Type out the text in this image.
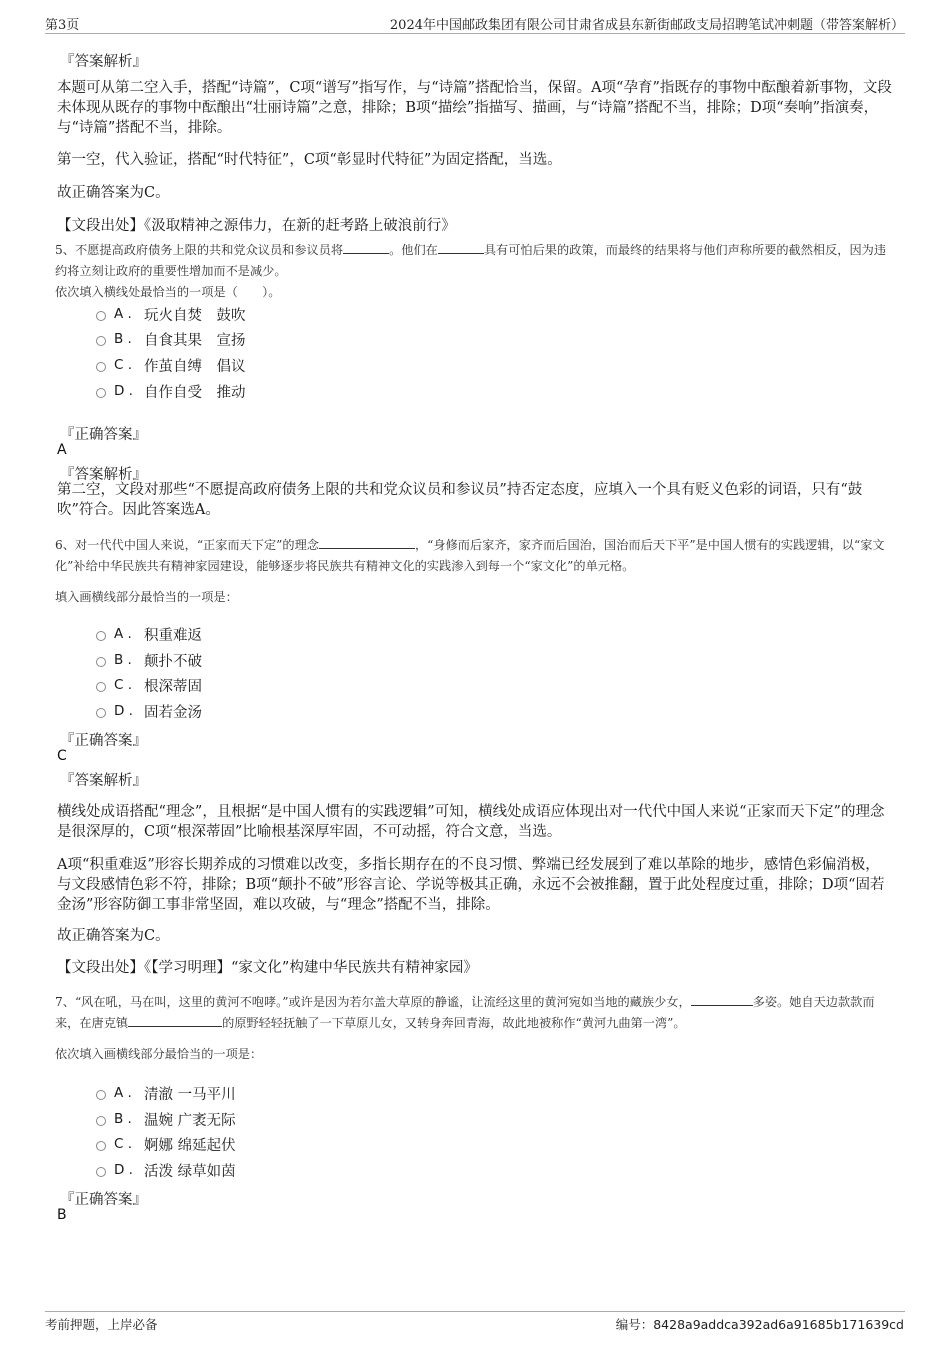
第3页	2024年中国邮政集团有限公司甘肃省成县东新街邮政支局招聘笔试冲刺题（带答案解析）
『答案解析』
本题可从第二空入手，搭配“诗篇”，C项“谱写”指写作，与“诗篇”搭配恰当，保留。A项“孕育”指既存的事物中酝酿着新事物，文段未体现从既存的事物中酝酿出“壮丽诗篇”之意，排除；B项“描绘”指描写、描画，与“诗篇”搭配不当，排除；D项“奏响”指演奏，与“诗篇”搭配不当，排除。
第一空，代入验证，搭配“时代特征”，C项“彰显时代特征”为固定搭配，当选。
故正确答案为C。
【文段出处】《汲取精神之源伟力，在新的赶考路上破浪前行》
5、不愿提高政府债务上限的共和党众议员和参议员将	。他们在	具有可怕后果的政策，而最终的结果将与他们声称所要的截然相反，因为违约将立刻让政府的重要性增加而不是减少。
依次填入横线处最恰当的一项是（　　）。
A . 玩火自焚　鼓吹
B . 自食其果　宣扬
C . 作茧自缚　倡议
D . 自作自受　推动
『正确答案』
A
『答案解析』
第二空，文段对那些“不愿提高政府债务上限的共和党众议员和参议员”持否定态度，应填入一个具有贬义色彩的词语，只有“鼓吹”符合。因此答案选A。
6、对一代代中国人来说，“正家而天下定”的理念	，“身修而后家齐，家齐而后国治，国治而后天下平”是中国人惯有的实践逻辑，以“家文化”补给中华民族共有精神家园建设，能够逐步将民族共有精神文化的实践渗入到每一个“家文化”的单元格。
填入画横线部分最恰当的一项是：
A . 积重难返
B . 颠扑不破
C . 根深蒂固
D . 固若金汤
『正确答案』
C
『答案解析』
横线处成语搭配“理念”，且根据“是中国人惯有的实践逻辑”可知，横线处成语应体现出对一代代中国人来说“正家而天下定”的理念是很深厚的，C项“根深蒂固”比喻根基深厚牢固，不可动摇，符合文意，当选。
A项“积重难返”形容长期养成的习惯难以改变，多指长期存在的不良习惯、弊端已经发展到了难以革除的地步，感情色彩偏消极，与文段感情色彩不符，排除；B项“颠扑不破”形容言论、学说等极其正确，永远不会被推翻，置于此处程度过重，排除；D项“固若金汤”形容防御工事非常坚固，难以攻破，与“理念”搭配不当，排除。
故正确答案为C。
【文段出处】《【学习明理】“家文化”构建中华民族共有精神家园》
7、“风在吼，马在叫，这里的黄河不咆哮。”或许是因为若尔盖大草原的静谧，让流经这里的黄河宛如当地的藏族少女，	多姿。她自天边款款而来，在唐克镇	的原野轻轻抚触了一下草原儿女，又转身奔回青海，故此地被称作“黄河九曲第一湾”。
依次填入画横线部分最恰当的一项是：
A . 清澈 一马平川
B . 温婉 广袤无际
C . 婀娜 绵延起伏
D . 活泼 绿草如茵
『正确答案』
B
考前押题，上岸必备	编号：8428a9addca392ad6a91685b171639cd
